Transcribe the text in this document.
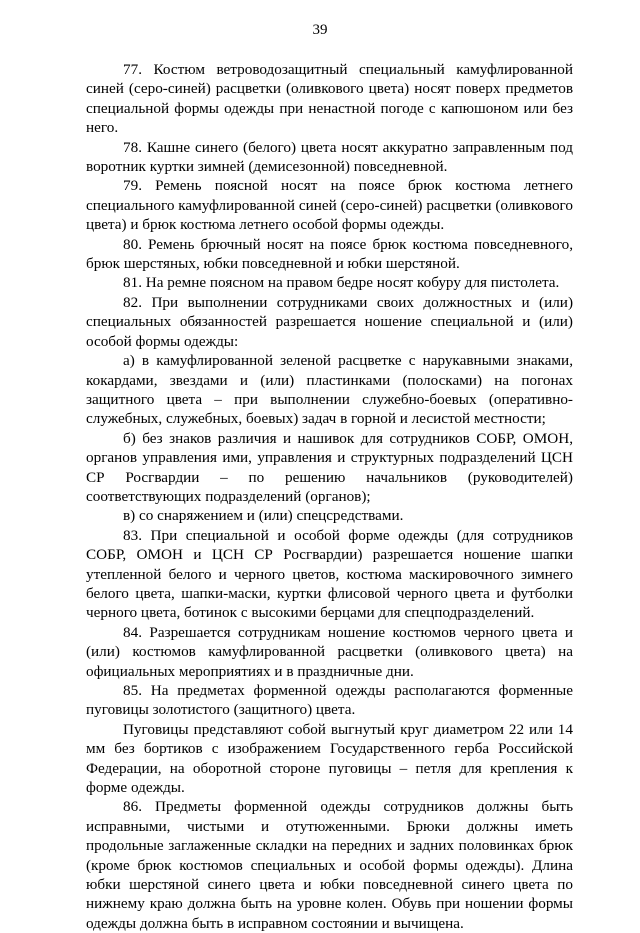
39

77. Костюм ветроводозащитный специальный камуфлированной синей (серо-синей) расцветки (оливкового цвета) носят поверх предметов специальной формы одежды при ненастной погоде с капюшоном или без него.

78. Кашне синего (белого) цвета носят аккуратно заправленным под воротник куртки зимней (демисезонной) повседневной.

79. Ремень поясной носят на поясе брюк костюма летнего специального камуфлированной синей (серо-синей) расцветки (оливкового цвета) и брюк костюма летнего особой формы одежды.

80. Ремень брючный носят на поясе брюк костюма повседневного, брюк шерстяных, юбки повседневной и юбки шерстяной.

81. На ремне поясном на правом бедре носят кобуру для пистолета.

82. При выполнении сотрудниками своих должностных и (или) специальных обязанностей разрешается ношение специальной и (или) особой формы одежды:

а) в камуфлированной зеленой расцветке с нарукавными знаками, кокардами, звездами и (или) пластинками (полосками) на погонах защитного цвета – при выполнении служебно-боевых (оперативно-служебных, служебных, боевых) задач в горной и лесистой местности;

б) без знаков различия и нашивок для сотрудников СОБР, ОМОН, органов управления ими, управления и структурных подразделений ЦСН СР Росгвардии – по решению начальников (руководителей) соответствующих подразделений (органов);

в) со снаряжением и (или) спецсредствами.

83. При специальной и особой форме одежды (для сотрудников СОБР, ОМОН и ЦСН СР Росгвардии) разрешается ношение шапки утепленной белого и черного цветов, костюма маскировочного зимнего белого цвета, шапки-маски, куртки флисовой черного цвета и футболки черного цвета, ботинок с высокими берцами для спецподразделений.

84. Разрешается сотрудникам ношение костюмов черного цвета и (или) костюмов камуфлированной расцветки (оливкового цвета) на официальных мероприятиях и в праздничные дни.

85. На предметах форменной одежды располагаются форменные пуговицы золотистого (защитного) цвета.

Пуговицы представляют собой выгнутый круг диаметром 22 или 14 мм без бортиков с изображением Государственного герба Российской Федерации, на оборотной стороне пуговицы – петля для крепления к форме одежды.

86. Предметы форменной одежды сотрудников должны быть исправными, чистыми и отутюженными. Брюки должны иметь продольные заглаженные складки на передних и задних половинках брюк (кроме брюк костюмов специальных и особой формы одежды). Длина юбки шерстяной синего цвета и юбки повседневной синего цвета по нижнему краю должна быть на уровне колен. Обувь при ношении формы одежды должна быть в исправном состоянии и вычищена.
